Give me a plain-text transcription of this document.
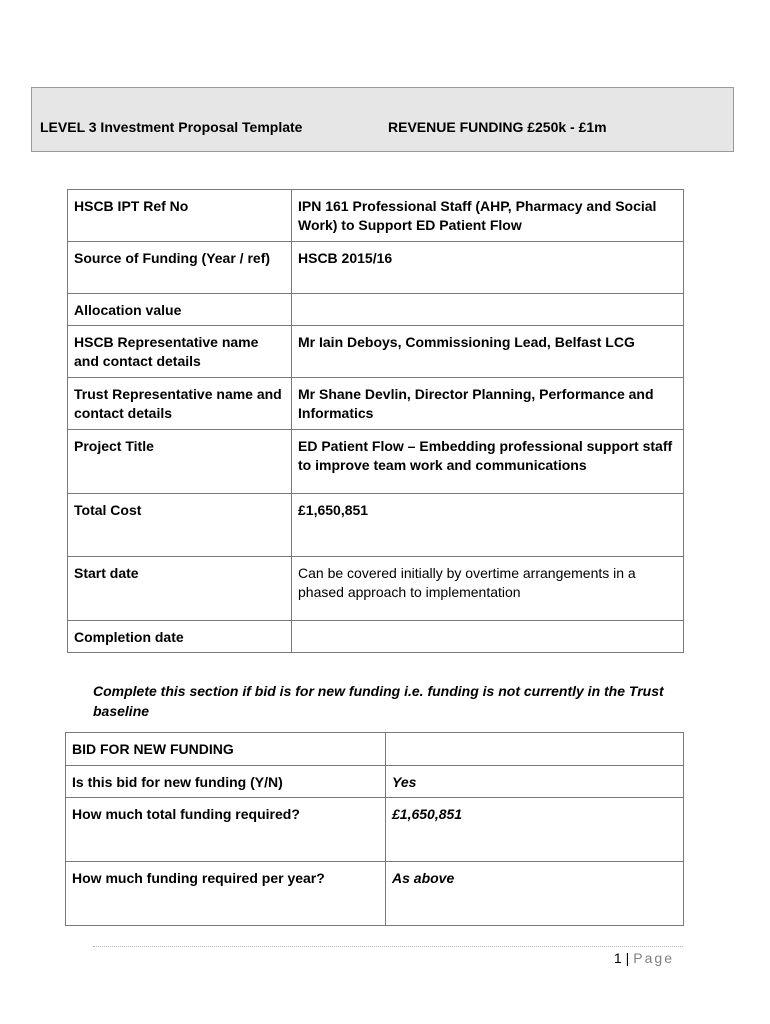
LEVEL 3 Investment Proposal Template	REVENUE FUNDING £250k - £1m
HSCB IPT Ref No	IPN 161 Professional Staff (AHP, Pharmacy and Social Work) to Support ED Patient Flow
Source of Funding (Year / ref)	HSCB 2015/16
Allocation value	
HSCB Representative name and contact details	Mr Iain Deboys, Commissioning Lead, Belfast LCG
Trust Representative name and contact details	Mr Shane Devlin, Director Planning, Performance and Informatics
Project Title	ED Patient Flow – Embedding professional support staff to improve team work and communications
Total Cost	£1,650,851
Start date	Can be covered initially by overtime arrangements in a phased approach to implementation
Completion date	
Complete this section if bid is for new funding i.e. funding is not currently in the Trust baseline
BID FOR NEW FUNDING	
Is this bid for new funding (Y/N)	Yes
How much total funding required?	£1,650,851
How much funding required per year?	As above
1 | Page
